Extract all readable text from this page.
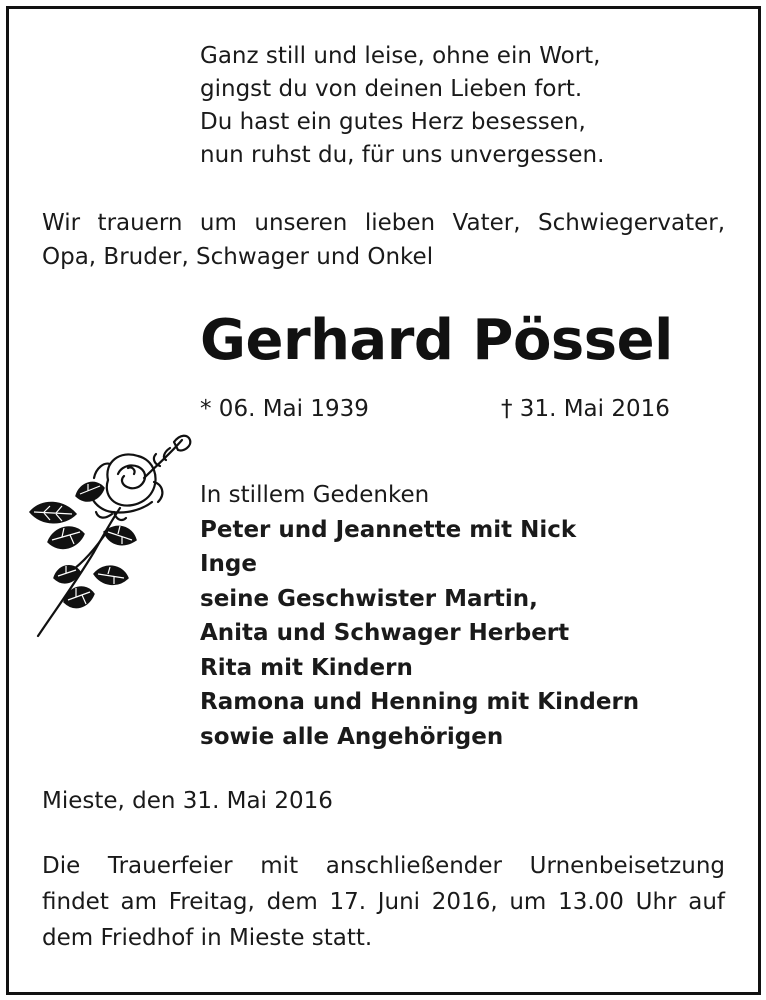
Ganz still und leise, ohne ein Wort,
gingst du von deinen Lieben fort.
Du hast ein gutes Herz besessen,
nun ruhst du, für uns unvergessen.
Wir trauern um unseren lieben Vater, Schwiegervater,
Opa, Bruder, Schwager und Onkel
Gerhard Pössel
* 06. Mai 1939	† 31. Mai 2016
In stillem Gedenken
Peter und Jeannette mit Nick
Inge
seine Geschwister Martin,
Anita und Schwager Herbert
Rita mit Kindern
Ramona und Henning mit Kindern
sowie alle Angehörigen
Mieste, den 31. Mai 2016
Die Trauerfeier mit anschließender Urnenbeisetzung
findet am Freitag, dem 17. Juni 2016, um 13.00 Uhr auf
dem Friedhof in Mieste statt.
